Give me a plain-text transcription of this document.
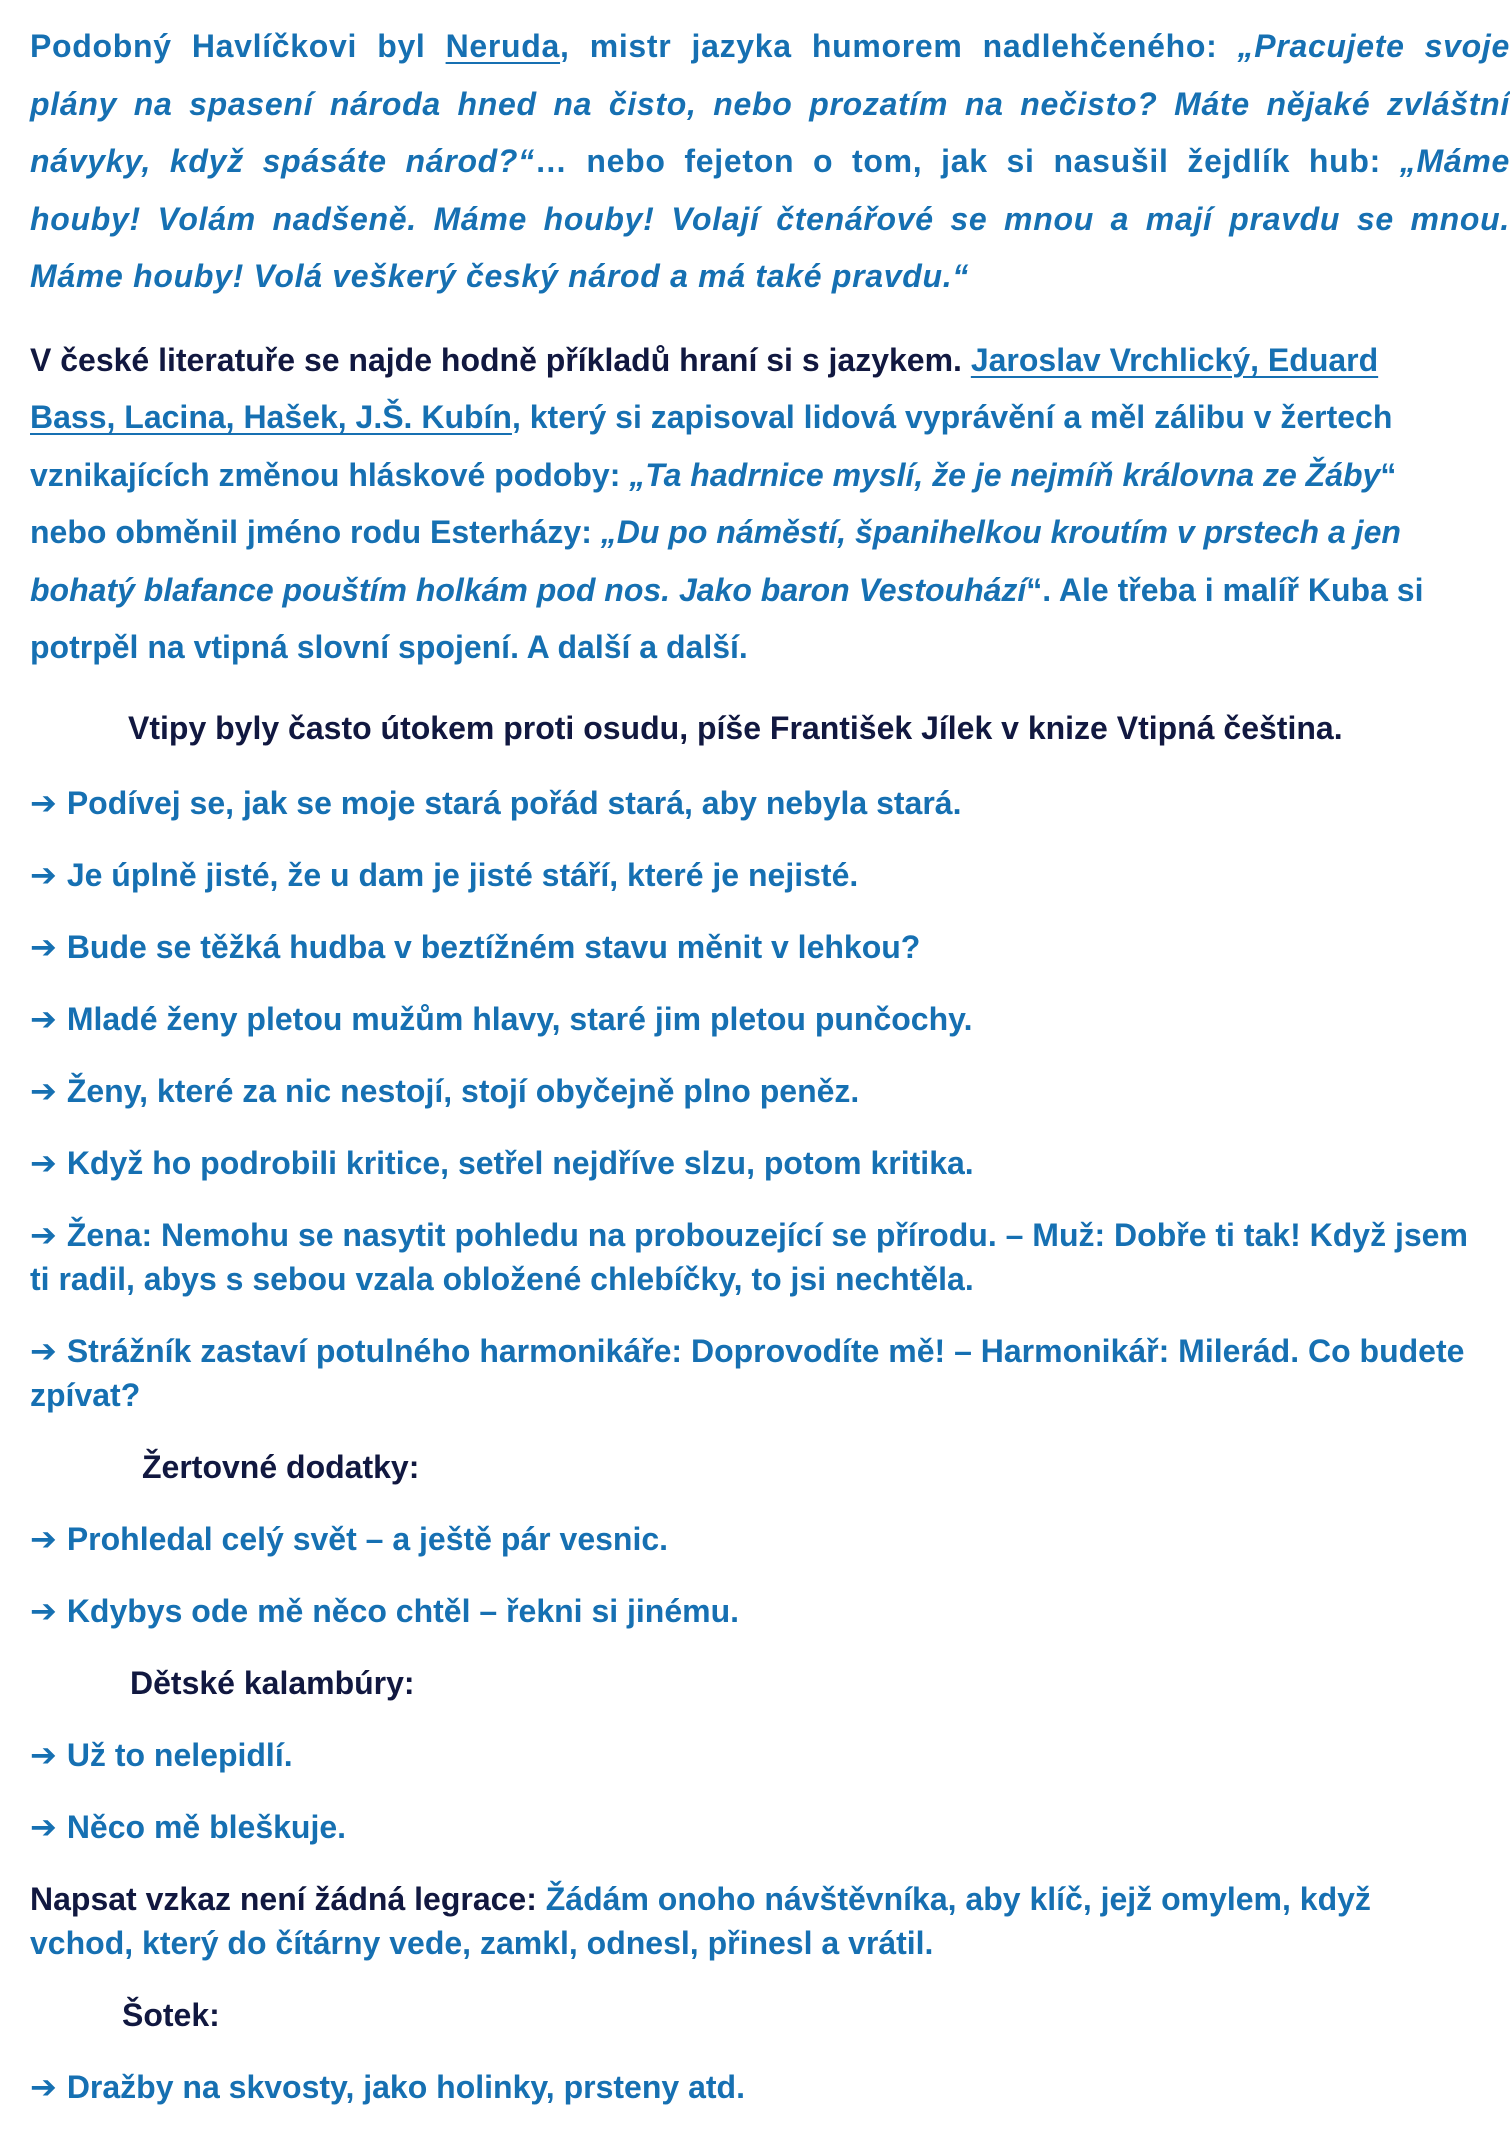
Podobný Havlíčkovi byl Neruda, mistr jazyka humorem nadlehčeného: „Pracujete svoje plány na spasení národa hned na čisto, nebo prozatím na nečisto? Máte nějaké zvláštní návyky, když spásáte národ?“… nebo fejeton o tom, jak si nasušil žejdlík hub: „Máme houby! Volám nadšeně. Máme houby! Volají čtenářové se mnou a mají pravdu se mnou. Máme houby! Volá veškerý český národ a má také pravdu.“

V české literatuře se najde hodně příkladů hraní si s jazykem. Jaroslav Vrchlický, Eduard Bass, Lacina, Hašek, J.Š. Kubín, který si zapisoval lidová vyprávění a měl zálibu v žertech vznikajících změnou hláskové podoby: „Ta hadrnice myslí, že je nejmíň královna ze Žáby“ nebo obměnil jméno rodu Esterházy: „Du po náměstí, španihelkou kroutím v prstech a jen bohatý blafance pouštím holkám pod nos. Jako baron Vestouhází“. Ale třeba i malíř Kuba si potrpěl na vtipná slovní spojení. A další a další.

Vtipy byly často útokem proti osudu, píše František Jílek v knize Vtipná čeština.

➔ Podívej se, jak se moje stará pořád stará, aby nebyla stará.

➔ Je úplně jisté, že u dam je jisté stáří, které je nejisté.

➔ Bude se těžká hudba v beztížném stavu měnit v lehkou?

➔ Mladé ženy pletou mužům hlavy, staré jim pletou punčochy.

➔ Ženy, které za nic nestojí, stojí obyčejně plno peněz.

➔ Když ho podrobili kritice, setřel nejdříve slzu, potom kritika.

➔ Žena: Nemohu se nasytit pohledu na probouzející se přírodu. – Muž: Dobře ti tak! Když jsem ti radil, abys s sebou vzala obložené chlebíčky, to jsi nechtěla.

➔ Strážník zastaví potulného harmonikáře: Doprovodíte mě! – Harmonikář: Milerád. Co budete zpívat?

Žertovné dodatky:

➔ Prohledal celý svět – a ještě pár vesnic.

➔ Kdybys ode mě něco chtěl – řekni si jinému.

Dětské kalambúry:

➔ Už to nelepidlí.

➔ Něco mě bleškuje.

Napsat vzkaz není žádná legrace: Žádám onoho návštěvníka, aby klíč, jejž omylem, když vchod, který do čítárny vede, zamkl, odnesl, přinesl a vrátil.

Šotek:

➔ Dražby na skvosty, jako holinky, prsteny atd.
